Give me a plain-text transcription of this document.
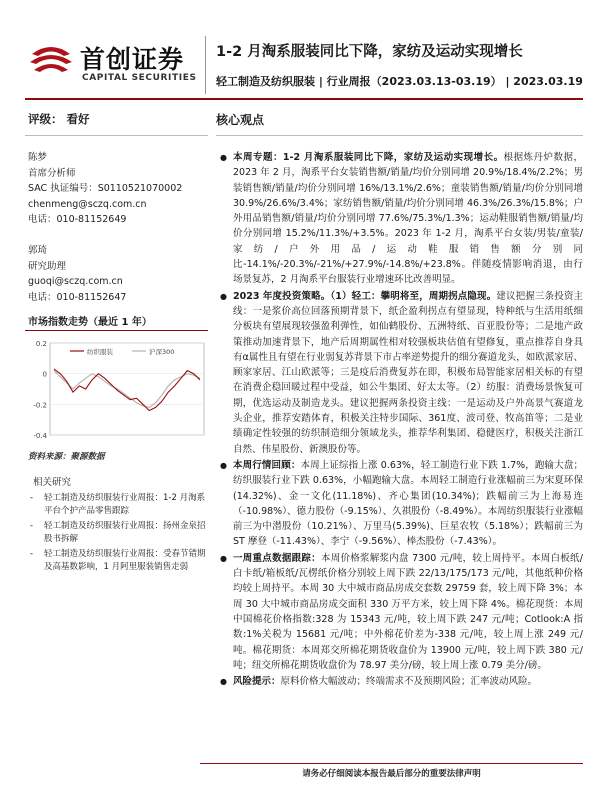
首创证券
CAPITAL SECURITIES
1-2 月淘系服装同比下降，家纺及运动实现增长
轻工制造及纺织服装 | 行业周报（2023.03.13-03.19） | 2023.03.19
评级： 看好
陈梦
首席分析师
SAC 执证编号：S0110521070002
chenmeng@sczq.com.cn
电话：010-81152649
郭琦
研究助理
guoqi@sczq.com.cn
电话：010-81152647
市场指数走势（最近 1 年）
0.2
0
-0.2
-0.4
纺织服装	沪深300
资料来源：聚源数据
相关研究
- 轻工制造及纺织服装行业周报：1-2 月淘系平台个护产品零售跟踪
- 轻工制造及纺织服装行业周报：扬州金泉招股书拆解
- 轻工制造及纺织服装行业周报：受春节错期及高基数影响，1 月阿里服装销售走弱
核心观点
● 本周专题：1-2 月淘系服装同比下降，家纺及运动实现增长。根据炼丹炉数据，2023 年 2 月，淘系平台女装销售额/销量/均价分别同增 20.9%/18.4%/2.2%；男装销售额/销量/均价分别同增 16%/13.1%/2.6%；童装销售额/销量/均价分别同增 30.9%/26.6%/3.4%；家纺销售额/销量/均价分别同增 46.3%/26.3%/15.8%；户外用品销售额/销量/均价分别同增 77.6%/75.3%/1.3%；运动鞋服销售额/销量/均价分别同增 15.2%/11.3%/+3.5%。2023 年 1-2 月，淘系平台女装/男装/童装/家纺/户外用品/运动鞋服销售额分别同比-14.1%/-20.3%/-21%/+27.9%/-14.8%/+23.8%。伴随疫情影响消退，由行场景复苏，2 月淘系平台服装行业增速环比改善明显。
● 2023 年度投资策略。（1）轻工：攀明将至，周期拐点隐现。建议把握三条投资主线：一是浆价高位回落预期背景下，纸企盈利拐点有望显现，特种纸与生活用纸细分板块有望展现较强盈利弹性，如仙鹤股份、五洲特纸、百亚股份等；二是地产政策推动加速背景下，地产后周期属性相对较强板块估值有望修复，重点推荐自身具有α属性且有望在行业弱复苏背景下市占率逆势提升的细分赛道龙头，如欧派家居、顾家家居、江山欧派等；三是疫后消费复苏在即，积极布局智能家居相关标的有望在消费企稳回暖过程中受益，如公牛集团、好太太等。（2）纺服：消费场景恢复可期，优选运动及制造龙头。建议把握两条投资主线：一是运动及户外高景气赛道龙头企业，推荐安踏体育，积极关注特步国际、361度、波司登、牧高笛等；二是业绩确定性较强的纺织制造细分领域龙头，推荐华利集团、稳健医疗，积极关注浙江自然、伟星股份、新澳股份等。
● 本周行情回顾：本周上证综指上涨 0.63%，轻工制造行业下跌 1.7%，跑输大盘；纺织服装行业下跌 0.63%，小幅跑输大盘。本周轻工制造行业涨幅前三为宋夏环保(14.32%)、金一文化(11.18%)、齐心集团(10.34%)；跌幅前三为上海易连（-10.98%）、德力股份（-9.15%）、久祺股份（-8.49%）。本周纺织服装行业涨幅前三为中潜股份（10.21%）、万里马(5.39%)、巨星农牧（5.18%）；跌幅前三为 ST 摩登（-11.43%）、李宁（-9.56%）、棒杰股份（-7.43%）。
● 一周重点数据跟踪：本周价格浆解浆内盘 7300 元/吨，较上周持平。本周白板纸/白卡纸/箱板纸/瓦楞纸价格分别较上周下跌 22/13/175/173 元/吨，其他纸种价格均较上周持平。本周 30 大中城市商品房成交套数 29759 套，较上周下降 3%；本周 30 大中城市商品房成交面积 330 万平方米，较上周下降 4%。棉花现货：本周中国棉花价格指数:328 为 15343 元/吨，较上周下跌 247 元/吨；Cotlook:A 指数:1%关税为 15681 元/吨；中外棉花价差为-338 元/吨，较上周上涨 249 元/吨。棉花期货：本周郑交所棉花期货收盘价为 13900 元/吨，较上周下跌 380 元/吨；纽交所棉花期货收盘价为 78.97 美分/磅，较上周上涨 0.79 美分/磅。
● 风险提示：原料价格大幅波动；终端需求不及预期风险；汇率波动风险。
请务必仔细阅读本报告最后部分的重要法律声明
